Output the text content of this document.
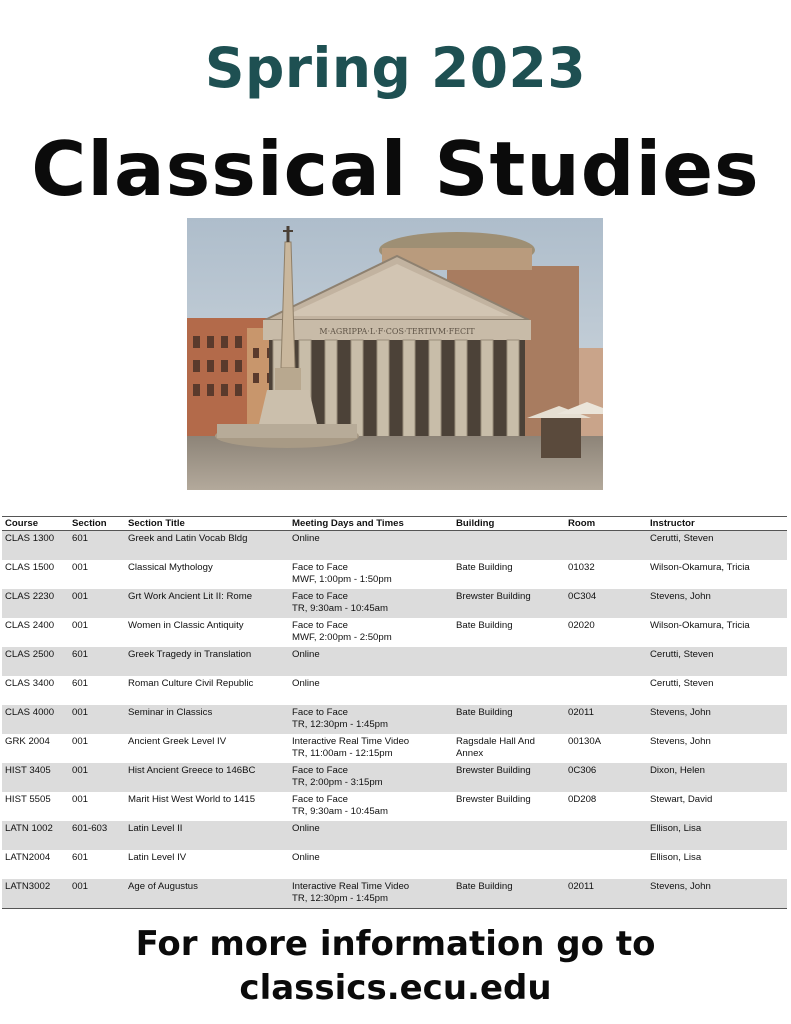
Spring 2023
Classical Studies
M·AGRIPPA·L·F·COS·TERTIVM·FECIT
Course	Section	Section Title	Meeting Days and Times	Building	Room	Instructor

CLAS 1300	601	Greek and Latin Vocab Bldg	Online			Cerutti, Steven

CLAS 1500	001	Classical Mythology	Face to Face
MWF, 1:00pm - 1:50pm	Bate Building	01032	Wilson-Okamura, Tricia

CLAS 2230	001	Grt Work Ancient Lit II: Rome	Face to Face
TR, 9:30am - 10:45am	Brewster Building	0C304	Stevens, John

CLAS 2400	001	Women in Classic Antiquity	Face to Face
MWF, 2:00pm - 2:50pm	Bate Building	02020	Wilson-Okamura, Tricia

CLAS 2500	601	Greek Tragedy in Translation	Online			Cerutti, Steven

CLAS 3400	601	Roman Culture Civil Republic	Online			Cerutti, Steven

CLAS 4000	001	Seminar in Classics	Face to Face
TR, 12:30pm - 1:45pm	Bate Building	02011	Stevens, John

GRK 2004	001	Ancient Greek Level IV	Interactive Real Time Video
TR, 11:00am - 12:15pm	Ragsdale Hall And
Annex	00130A	Stevens, John

HIST 3405	001	Hist Ancient Greece to 146BC	Face to Face
TR, 2:00pm - 3:15pm	Brewster Building	0C306	Dixon, Helen

HIST 5505	001	Marit Hist West World to 1415	Face to Face
TR, 9:30am - 10:45am	Brewster Building	0D208	Stewart, David

LATN 1002	601-603	Latin Level II	Online			Ellison, Lisa

LATN2004	601	Latin Level IV	Online			Ellison, Lisa

LATN3002	001	Age of Augustus	Interactive Real Time Video
TR, 12:30pm - 1:45pm	Bate Building	02011	Stevens, John
For more information go to
classics.ecu.edu
